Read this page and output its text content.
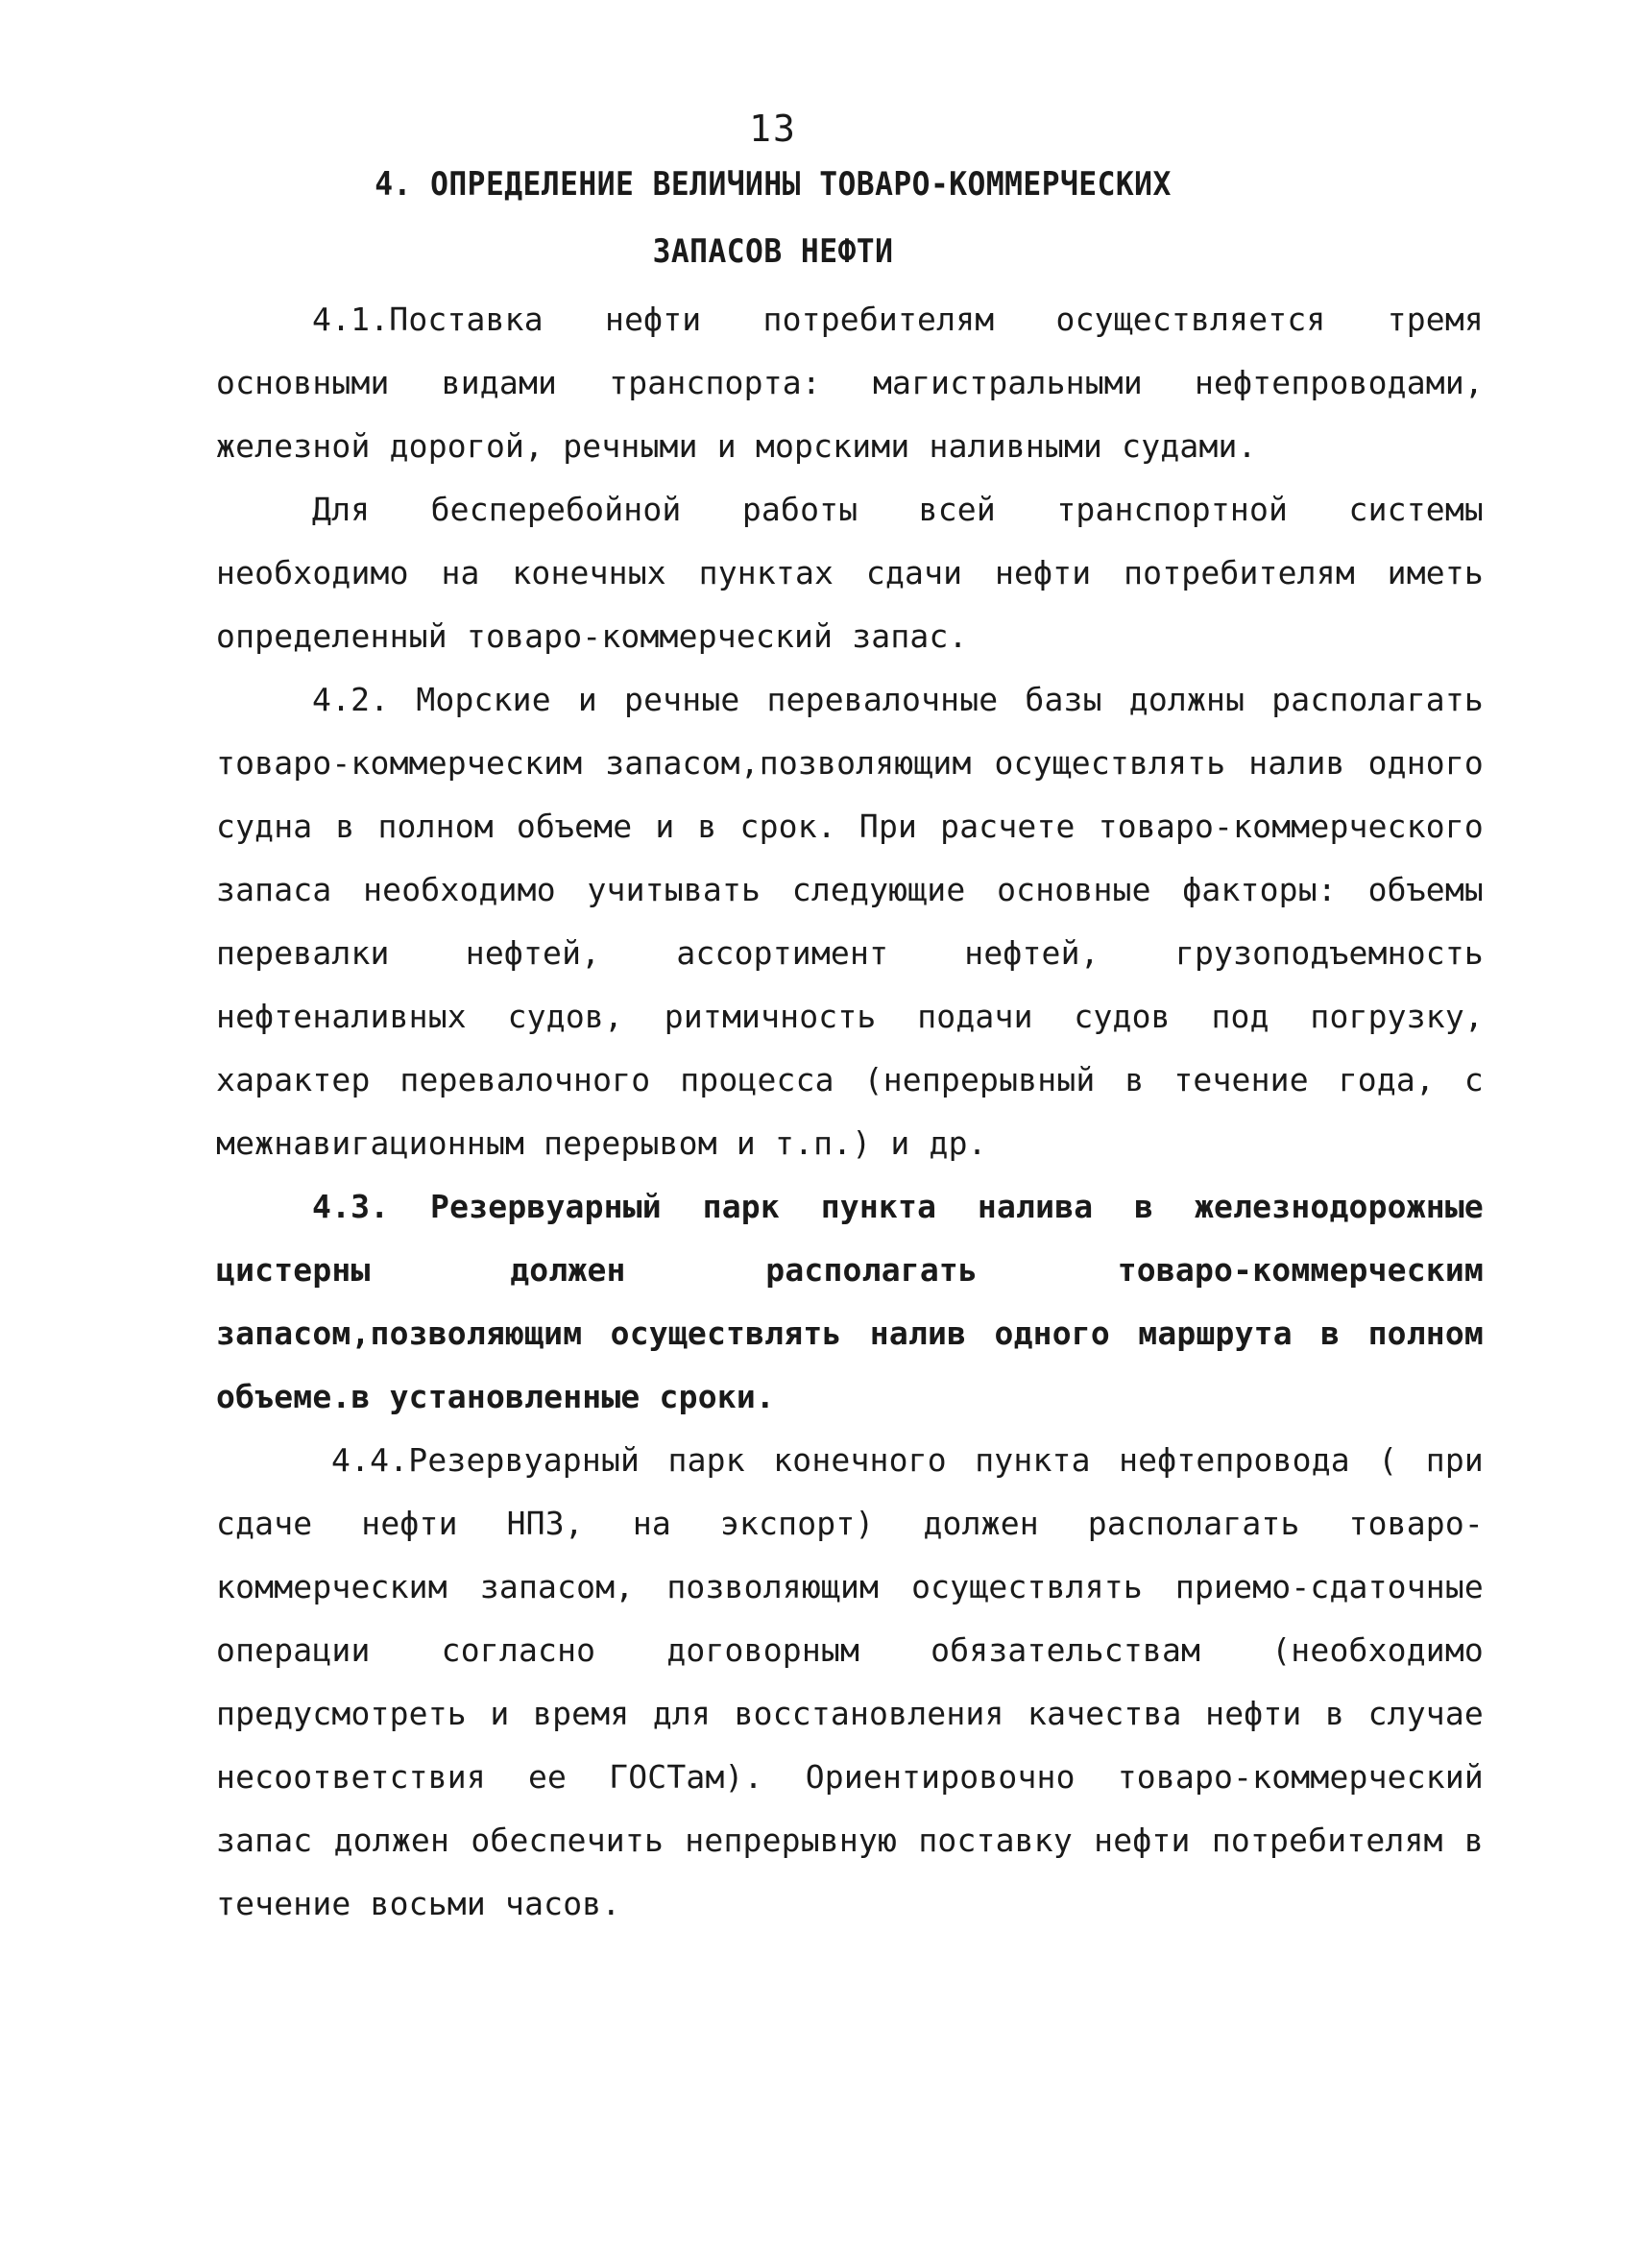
13
4. ОПРЕДЕЛЕНИЕ ВЕЛИЧИНЫ ТОВАРО-КОММЕРЧЕСКИХ
ЗАПАСОВ НЕФТИ

4.1.Поставка нефти потребителям осуществляется тремя основными видами транспорта: магистральными нефтепроводами, железной дорогой, речными и морскими наливными судами.

Для бесперебойной работы всей транспортной системы необходимо на конечных пунктах сдачи нефти потребителям иметь определенный товаро-коммерческий запас.

4.2. Морские и речные перевалочные базы должны располагать товаро-коммерческим запасом,позволяющим осуществлять налив одного судна в полном объеме и в срок. При расчете товаро-коммерческого запаса необходимо учитывать следующие основные факторы: объемы перевалки нефтей, ассортимент нефтей, грузоподъемность нефтеналивных судов, ритмичность подачи судов под погрузку, характер перевалочного процесса (непрерывный в течение года, с межнавигационным перерывом и т.п.) и др.

4.3. Резервуарный парк пункта налива в железнодорожные цистерны должен располагать товаро-коммерческим запасом,позволяющим осуществлять налив одного маршрута в полном объеме.в установленные сроки.

4.4.Резервуарный парк конечного пункта нефтепровода ( при сдаче нефти НПЗ, на экспорт) должен располагать товаро-коммерческим запасом, позволяющим осуществлять приемо-сдаточные операции согласно договорным обязательствам (необходимо предусмотреть и время для восстановления качества нефти в случае несоответствия ее ГОСТам). Ориентировочно товаро-коммерческий запас должен обеспечить непрерывную поставку нефти потребителям в течение восьми часов.
